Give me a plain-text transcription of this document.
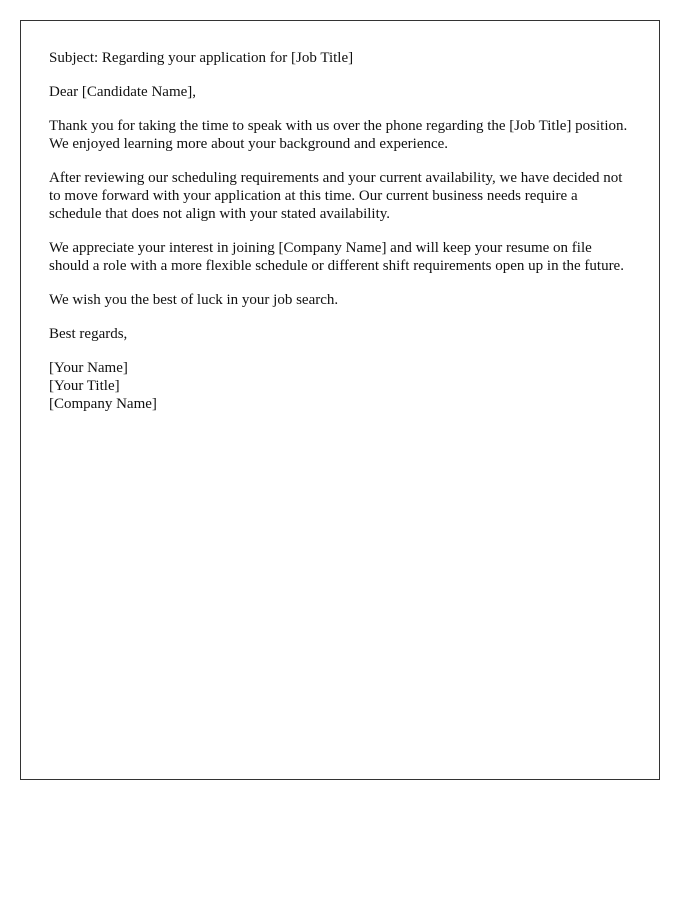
Subject: Regarding your application for [Job Title]

Dear [Candidate Name],

Thank you for taking the time to speak with us over the phone regarding the [Job Title] position. We enjoyed learning more about your background and experience.

After reviewing our scheduling requirements and your current availability, we have decided not to move forward with your application at this time. Our current business needs require a schedule that does not align with your stated availability.

We appreciate your interest in joining [Company Name] and will keep your resume on file should a role with a more flexible schedule or different shift requirements open up in the future.

We wish you the best of luck in your job search.

Best regards,

[Your Name]
[Your Title]
[Company Name]
